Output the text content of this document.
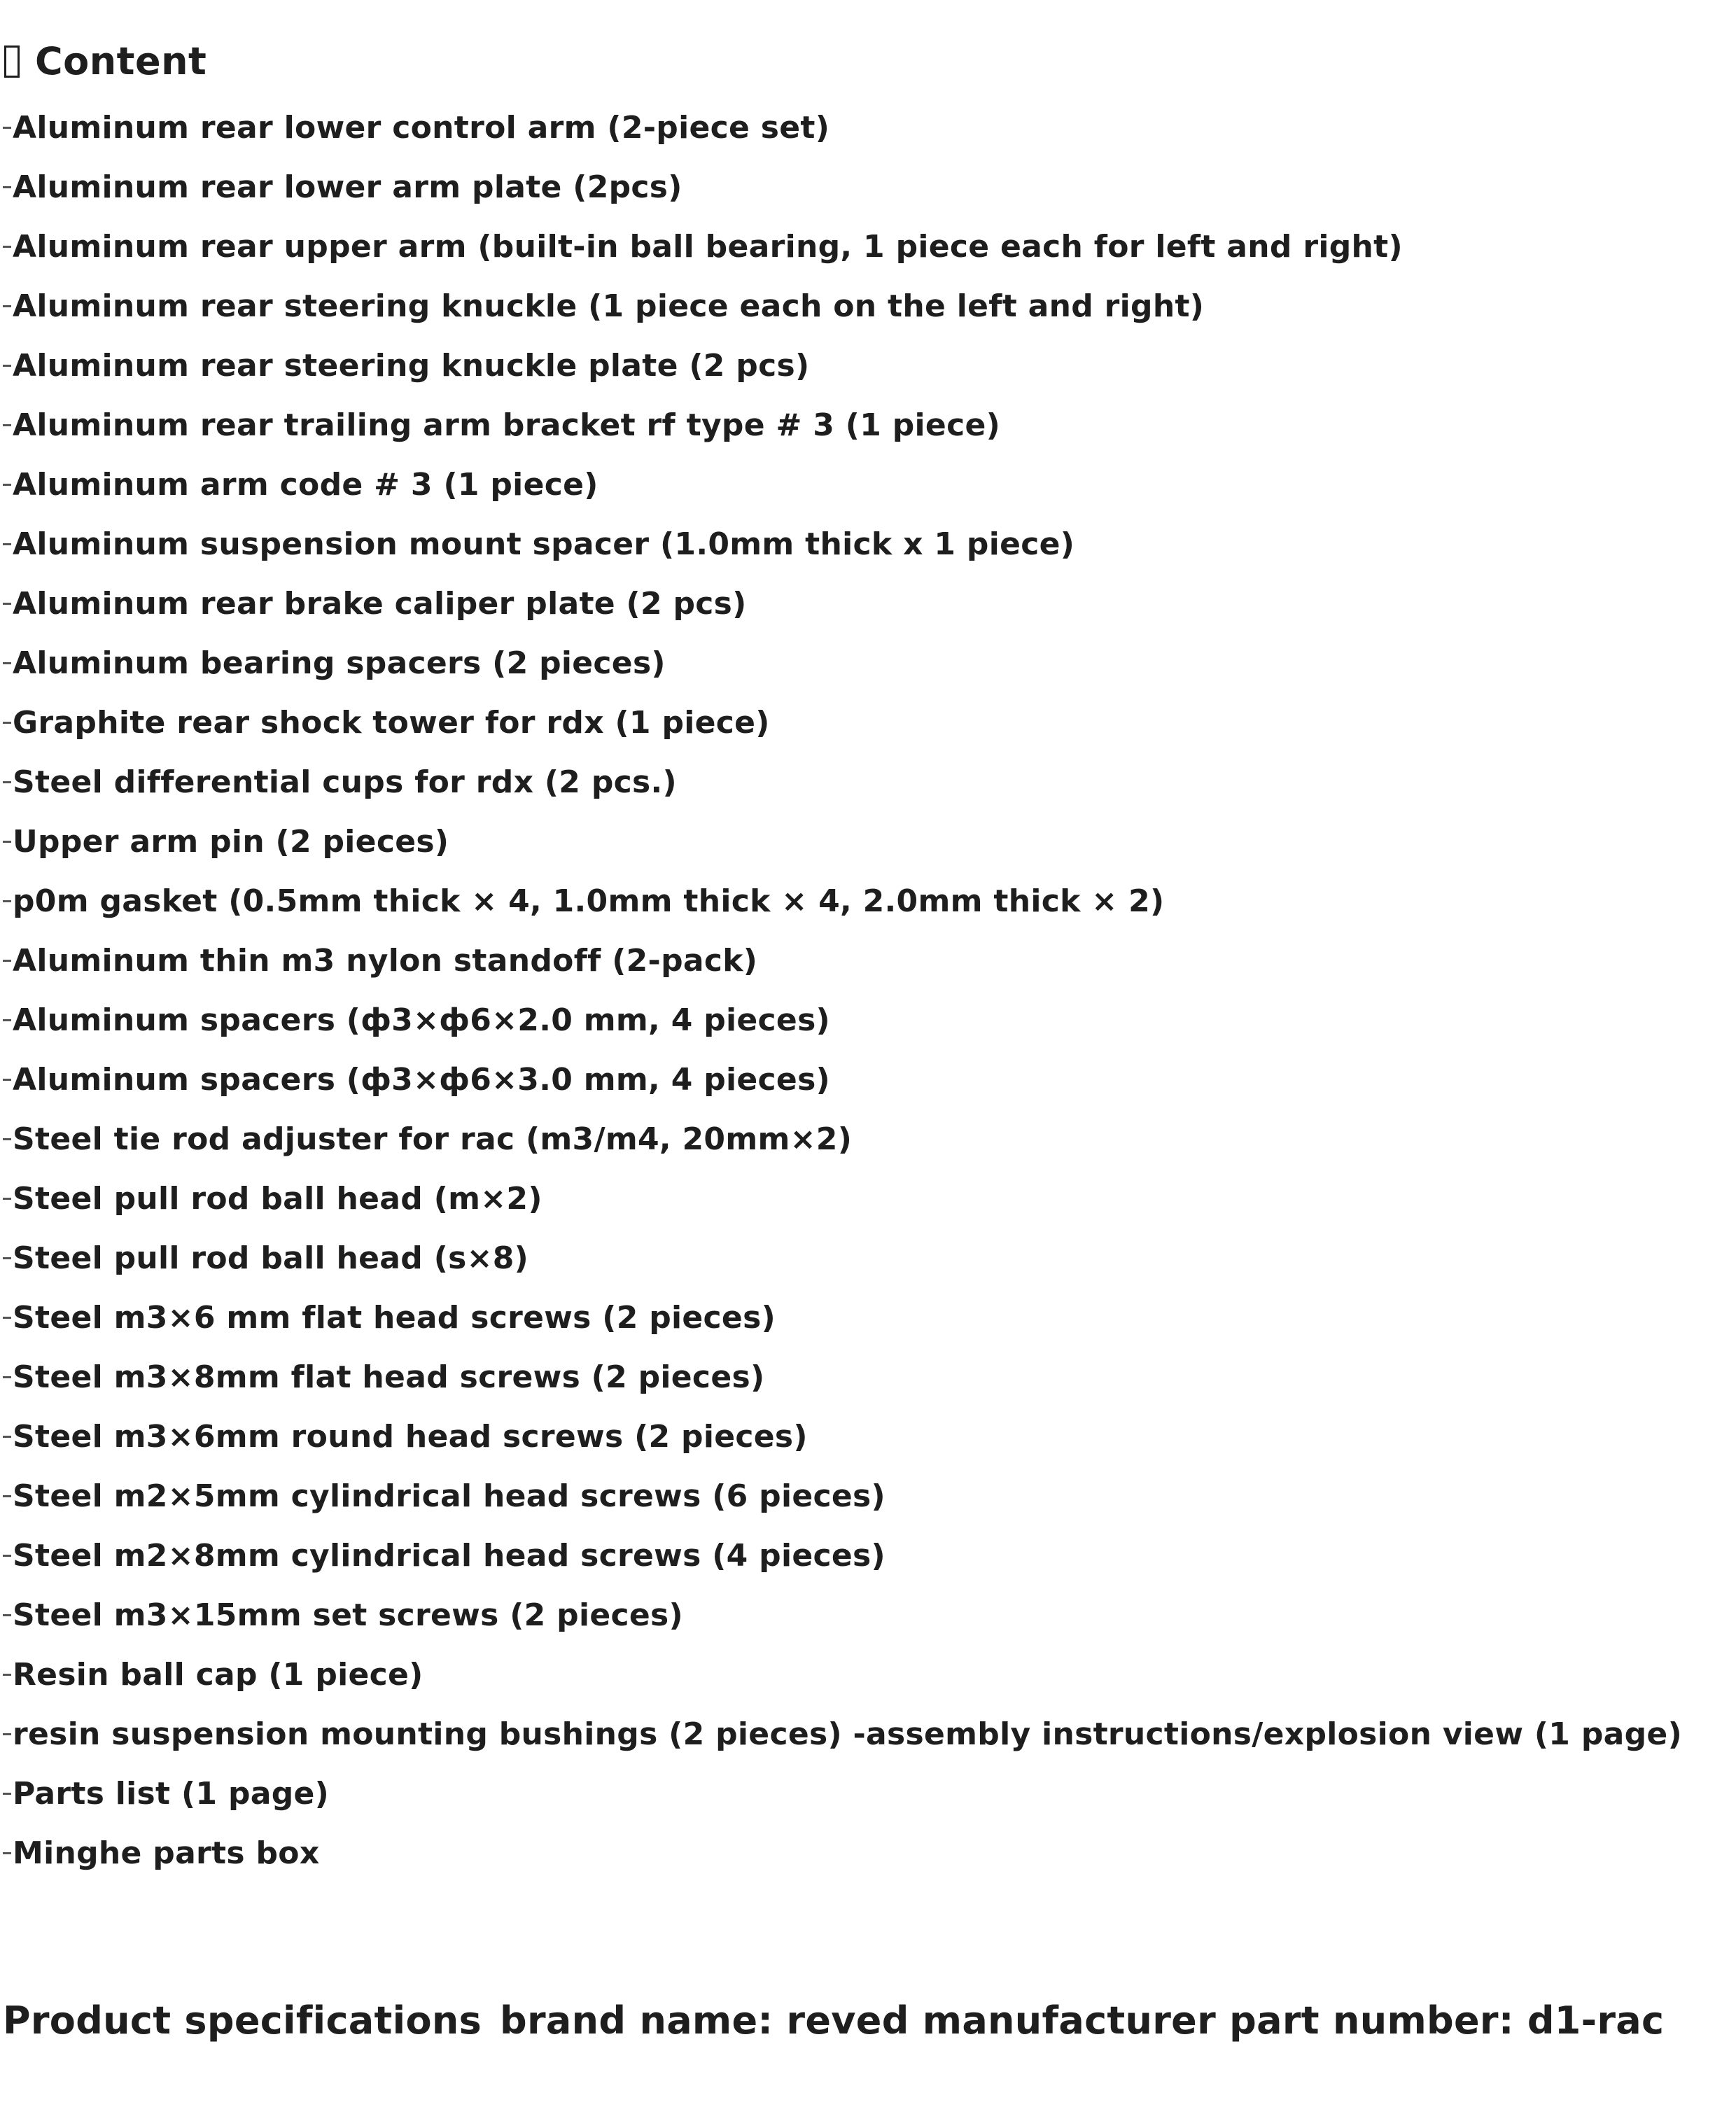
Content
Aluminum rear lower control arm (2-piece set)
Aluminum rear lower arm plate (2pcs)
Aluminum rear upper arm (built-in ball bearing, 1 piece each for left and right)
Aluminum rear steering knuckle (1 piece each on the left and right)
Aluminum rear steering knuckle plate (2 pcs)
Aluminum rear trailing arm bracket rf type # 3 (1 piece)
Aluminum arm code # 3 (1 piece)
Aluminum suspension mount spacer (1.0mm thick x 1 piece)
Aluminum rear brake caliper plate (2 pcs)
Aluminum bearing spacers (2 pieces)
Graphite rear shock tower for rdx (1 piece)
Steel differential cups for rdx (2 pcs.)
Upper arm pin (2 pieces)
p0m gasket (0.5mm thick × 4, 1.0mm thick × 4, 2.0mm thick × 2)
Aluminum thin m3 nylon standoff (2-pack)
Aluminum spacers (ф3×ф6×2.0 mm, 4 pieces)
Aluminum spacers (ф3×ф6×3.0 mm, 4 pieces)
Steel tie rod adjuster for rac (m3/m4, 20mm×2)
Steel pull rod ball head (m×2)
Steel pull rod ball head (s×8)
Steel m3×6 mm flat head screws (2 pieces)
Steel m3×8mm flat head screws (2 pieces)
Steel m3×6mm round head screws (2 pieces)
Steel m2×5mm cylindrical head screws (6 pieces)
Steel m2×8mm cylindrical head screws (4 pieces)
Steel m3×15mm set screws (2 pieces)
Resin ball cap (1 piece)
resin suspension mounting bushings (2 pieces) -assembly instructions/explosion view (1 page)
Parts list (1 page)
Minghe parts box
Product specifications brand name: reved manufacturer part number: d1-rac
